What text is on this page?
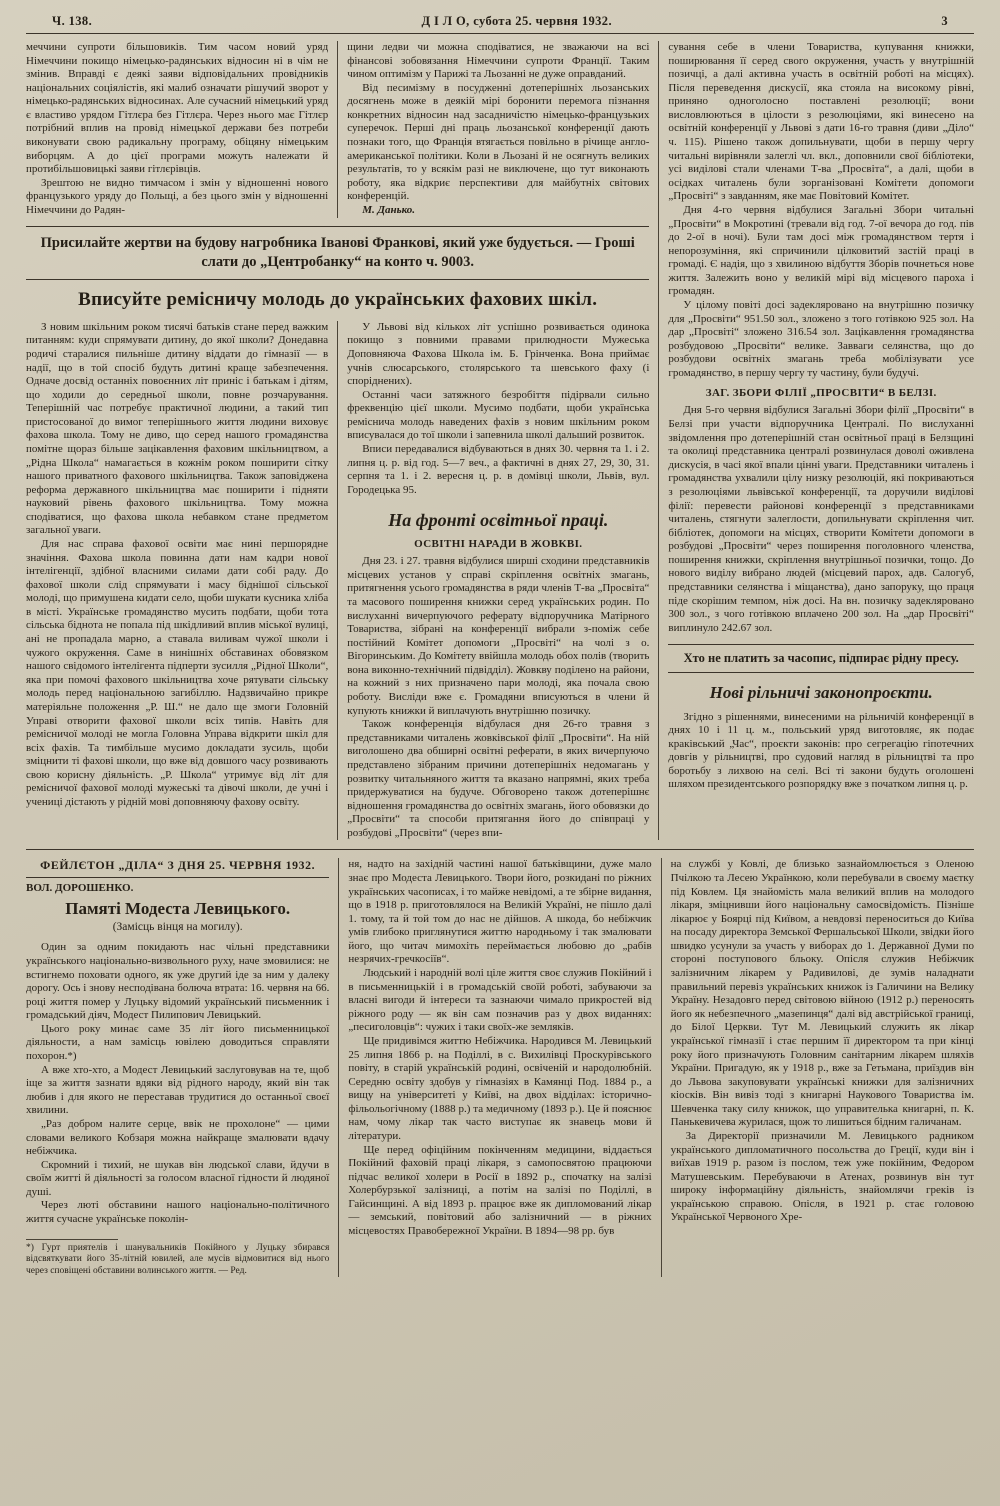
Ч. 138.	Д І Л О, субота 25. червня 1932.	3

меччини супроти більшовиків. Тим часом новий уряд Німеччини покищо німецько-радянських відносин ні в чім не змінив. Вправді є деякі заяви відповідальних провідників національних соціялістів, які малиб означати рішучий зворот у німецько-радянських відносинах. Але сучасний німецький уряд є властиво урядом Гітлєра без Гітлєра. Через нього має Гітлєр потрібний вплив на провід німецької держави без потреби виконувати свою радикальну програму, обіцяну німецьким виборцям. А до цієї програми можуть належати й протибільшовицькі заяви гітлєрівців.

Зрештою не видно тимчасом і змін у відношенні нового французького уряду до Польщі, а без цього змін у відношенні Німеччини до Радян-

щини ледви чи можна сподіватися, не зважаючи на всі фінансові зобовязання Німеччини супроти Франції. Таким чином оптимізм у Парижі та Льозанні не дуже оправданий.

Від песимізму в посудженні дотеперішніх льозанських досягнень може в деякій мірі боронити перемога пізнання конкретних відносин над засадничістю німецько-французьких суперечок. Перші дні праць льозанської конференції дають познаки того, що Франція втягається повільно в річище англо-американської політики. Коли в Льозані й не осягнуть великих результатів, то у всякім разі не виключене, що тут виконають роботу, яка відкриє перспективи для майбутніх світових конференцій.

М. Данько.

Присилайте жертви на будову нагробника Іванові Франкові, який уже будується. — Гроші слати до „Центробанку“ на конто ч. 9003.
Вписуйте ремісничу молодь до українських фахових шкіл.

З новим шкільним роком тисячі батьків стане перед важким питанням: куди спрямувати дитину, до якої школи? Донедавна родичі старалися пильніше дитину віддати до гімназії — в надії, що в той спосіб будуть дитині краще забезпечення. Одначе досвід останніх повоєнних літ приніс і батькам і дітям, що ходили до середньої школи, повне розчарування. Теперішній час потребує практичної людини, а такий тип пристосованої до вимог теперішнього життя людини виховує фахова школа. Тому не диво, що серед нашого громадянства помітне щораз більше зацікавлення фаховим шкільництвом, а „Рідна Школа“ намагається в кожнім роком поширити сітку нашого приватного фахового шкільництва. Також заповіджена реформа державного шкільництва має поширити і підняти науковий рівень фахового шкільництва. Тому можна сподіватися, що фахова школа небавком стане предметом загальної уваги.

Для нас справа фахової освіти має нині першорядне значіння. Фахова школа повинна дати нам кадри нової інтелігенції, здібної власними силами дати собі раду. До фахової школи слід спрямувати і масу біднішої сільської молоді, що примушена кидати село, щоби шукати кусника хліба в місті. Українське громадянство мусить подбати, щоби тота сільська біднота не попала під шкідливий вплив міської вулиці, ані не пропадала марно, а ставала виливам чужої школи і чужого окруження. Саме в нинішніх обставинах обовязком нашого свідомого інтелігента підперти зусилля „Рідної Школи“, яка при помочі фахового шкільництва хоче рятувати сільську молодь перед національною загибіллю. Надзвичайно прикре матеріяльне положення „Р. Ш.“ не дало ще змоги Головній Управі отворити фахової школи всіх типів. Навіть для ремісничої молоді не могла Головна Управа відкрити шкіл для всіх фахів. Та тимбільше мусимо докладати зусиль, щоби зміцнити ті фахові школи, що вже від довшого часу розвивають свою корисну діяльність. „Р. Школа“ утримує від літ для ремісничої фахової молоді мужеські та дівочі школи, де учні і учениці дістають у рідній мові доповняючу фахову освіту.

У Львові від кількох літ успішно розвивається одинока покищо з повними правами прилюдности Мужеська Доповняюча Фахова Школа ім. Б. Грінченка. Вона приймає учнів слюсарського, столярського та шевського фаху (і споріднених).

Останні часи затяжного безробіття підірвали сильно фреквенцію цієї школи. Мусимо подбати, щоби українська реміснича молодь наведених фахів з новим шкільним роком вписувалася до тої школи і запевнила школі дальший розвиток.

Вписи передавалися відбуваються в днях 30. червня та 1. і 2. липня ц. р. від год. 5—7 веч., а фактичні в днях 27, 29, 30, 31. серпня та 1. і 2. вересня ц. р. в домівці школи, Львів, вул. Городецька 95.

На фронті освітньої праці.
ОСВІТНІ НАРАДИ В ЖОВКВІ.

Дня 23. і 27. травня відбулися ширші сходини представників місцевих установ у справі скріплення освітніх змагань, притягнення усього громадянства в ряди членів Т-ва „Просвіта“ та масового поширення книжки серед українських родин. По вислуханні вичерпуючого реферату відпоручника Матірного Товариства, зібрані на конференції вибрали з-поміж себе постійний Комітет допомоги „Просвіті“ на чолі з о. Вігоринським. До Комітету ввійшла молодь обох полів (творить вона виконно-технічний підвідділ). Жовкву поділено на райони, на кожний з них призначено пари молоді, яка почала свою роботу. Висліди вже є. Громадяни вписуються в члени й купують книжки й виплачують внутрішню позичку.

Також конференція відбулася дня 26-го травня з представниками читалень жовківської філії „Просвіти“. На ній виголошено два обширні освітні реферати, в яких вичерпуючо представлено зібраним причини дотеперішніх недомагань у розвитку читальняного життя та вказано напрямні, яких треба придержуватися на будуче. Обговорено також дотеперішнє відношення громадянства до освітніх змагань, його обовязки до „Просвіти“ та способи притягання його до співпраці у розбудові „Просвіти“ (через впи-

сування себе в члени Товариства, купування книжки, поширювання її серед свого окруження, участь у внутрішній позичці, а далі активна участь в освітній роботі на місцях). Після переведення дискусії, яка стояла на високому рівні, приняно одноголосно поставлені резолюції; вони висловлюються в цілости з резолюціями, які винесено на освітній конференції у Львові з дати 16-го травня (диви „Діло“ ч. 115). Рішено також допильнувати, щоби в першу чергу читальні вирівняли залеглі чл. вкл., доповнили свої бібліотеки, усі виділові стали членами Т-ва „Просвіта“, а далі, щоби в осідках читалень були зорганізовані Комітети допомоги „Просвіті“ з завданням, яке має Повітовий Комітет.

Дня 4-го червня відбулися Загальні Збори читальні „Просвіти“ в Мокротині (тревали від год. 7-ої вечора до год. пів до 2-ої в ночі). Були там досі між громадянством тертя і непорозуміння, які спричинили цілковитий застій праці в громаді. Є надія, що з хвилиною відбуття Зборів почнеться нове життя. Залежить воно у великій мірі від місцевого пароха і громадян.

У цілому повіті досі задекляровано на внутрішню позичку для „Просвіти“ 951.50 зол., зложено з того готівкою 925 зол. На дар „Просвіті“ зложено 316.54 зол. Зацікавлення громадянства розбудовою „Просвіти“ велике. Завваги селянства, що до розбудови освітніх змагань треба мобілізувати усе громадянство, в першу чергу ту частину, були будучі.

ЗАГ. ЗБОРИ ФІЛІЇ „ПРОСВІТИ“ В БЕЛЗІ.

Дня 5-го червня відбулися Загальні Збори філії „Просвіти“ в Белзі при участи відпоручника Централі. По вислуханні звідомлення про дотеперішній стан освітньої праці в Белзщині та околиці представника централі розвинулася доволі оживлена дискусія, в часі якої впали цінні уваги. Представники читалень і громадянства ухвалили цілу низку резолюцій, які покриваються з резолюціями львівської конференції, та доручили виділові філії: перевести районові конференції з представниками читалень, стягнути залеглости, допильнувати скріплення чит. бібліотек, допомоги на місцях, створити Комітети допомоги в розбудові „Просвіти“ через поширення поголовного членства, поширення книжки, скріплення внутрішньої позички, тощо. До нового виділу вибрано людей (місцевий парох, адв. Салогуб, представники селянства і міщанства), дано запоруку, що праця піде скорішим темпом, ніж досі. На вн. позичку задекляровано 300 зол., з чого готівкою вплачено 200 зол. На „дар Просвіті“ виплинуло 242.67 зол.

Хто не платить за часопис, підпирає рідну пресу.
Нові рільничі законопроєкти.

Згідно з рішеннями, винесеними на рільничій конференції в днях 10 і 11 ц. м., польський уряд виготовляє, як подає краківський „Час“, проєкти законів: про сегрегацію гіпотечних довгів у рільництві, про судовий нагляд в рільництві та про боротьбу з лихвою на селі. Всі ті закони будуть оголошені шляхом президентського розпорядку вже з початком липня ц. р.

ФЕЙЛЄТОН „ДІЛА“ З ДНЯ 25. ЧЕРВНЯ 1932.
ВОЛ. ДОРОШЕНКО.
Памяті Модеста Левицького.
(Замісць вінця на могилу).

Один за одним покидають нас чільні представники українського національно-визвольного руху, наче змовилися: не встигнемо поховати одного, як уже другий іде за ним у далеку дорогу. Ось і знову несподівана болюча втрата: 16. червня на 66. році життя помер у Луцьку відомий український письменник і громадський діяч, Модест Пилипович Левицький.

Цього року минає саме 35 літ його письменницької діяльности, а нам замісць ювілею доводиться справляти похорон.*)

А вже хто-хто, а Модест Левицький заслуговував на те, щоб іще за життя зазнати вдяки від рідного народу, який він так любив і для якого не переставав трудитися до останньої своєї хвилини.

„Раз добром налите серце, ввік не прохолоне“ — цими словами великого Кобзаря можна найкраще змалювати вдачу небіжчика.

Скромний і тихий, не шукав він людської слави, йдучи в своїм житті й діяльності за голосом власної гідности й людяної душі.

Через люті обставини нашого національно-політичного життя сучасне українське поколін-

*) Гурт приятелів і шанувальників Покійного у Луцьку збирався відсвяткувати його 35-літній ювилей, але мусів відмовитися від нього через сповіщені обставини волинського життя. — Ред.

ня, надто на західній частині нашої батьківщини, дуже мало знає про Модеста Левицького. Твори його, розкидані по ріжних українських часописах, і то майже невідомі, а те збірне видання, що в 1918 р. приготовлялося на Великій Україні, не пішло далі 1. тому, та й той том до нас не дійшов. А шкода, бо небіжчик умів глибоко приглянутися життю народньому і так змалювати його, що читач мимохіть переймається любовю до „рабів незрячих-гречкосіїв“.

Людський і народній волі ціле життя своє служив Покійний і в письменницькій і в громадській своїй роботі, забуваючи за власні вигоди й інтереси та зазнаючи чимало прикростей від ріжного роду — як він сам позначив раз у двох виданнях: „песиголовців“: чужих і таки своїх-же земляків.

Ще придивімся життю Небіжчика. Народився М. Левицький 25 липня 1866 р. на Поділлі, в с. Вихилівці Проскурівського повіту, в старій українській родині, освіченій и народолюбній. Середню освіту здобув у гімназіях в Камянці Под. 1884 р., а вищу на університеті у Київі, на двох відділах: історично-фільольогічному (1888 р.) та медичному (1893 р.). Це й пояснює нам, чому лікар так часто виступає як знавець мови й літератури.

Ще перед офіційним покінченням медицини, віддається Покійний фаховій праці лікаря, з самопосвятою працюючи підчас великої холери в Росії в 1892 р., спочатку на залізі Холербурзької залізниці, а потім на залізі по Поділлі, в Гайсинщині. А від 1893 р. працює вже як дипломований лікар — земський, повітовий або залізничний — в ріжних місцевостях Правобережної України. В 1894—98 рр. був

на службі у Ковлі, де близько зазнайомлюється з Оленою Пчілкою та Лесею Українкою, коли перебували в своєму маєтку під Ковлем. Ця знайомість мала великий вплив на молодого лікаря, зміцнивши його національну самосвідомість. Пізніше лікарює у Боярці під Київом, а невдовзі переноситься до Київа на посаду директора Земської Фершальської Школи, звідки його швидко усунули за участь у виборах до 1. Державної Думи по стороні поступового бльоку. Опісля служив Небіжчик залізничним лікарем у Радивилові, де зумів наладнати правильний перевіз українських книжок із Галичини на Велику Україну. Незадовго перед світовою війною (1912 р.) переносять його як небезпечного „мазепинця“ далі від австрійської границі, до Білої Церкви. Тут М. Левицький служить як лікар української гімназії і стає першим її директором та при кінці року його призначують Головним санітарним лікарем шляхів України. Пригадую, як у 1918 р., вже за Гетьмана, приїздив він до Львова закуповувати українські книжки для залізничних кіосків. Він вивіз тоді з книгарні Наукового Товариства ім. Шевченка таку силу книжок, що управителька книгарні, п. К. Панькевичева журилася, щож то лишиться бідним галичанам.

За Директорії призначили М. Левицького радником українського дипломатичного посольства до Греції, куди він і виїхав 1919 р. разом із послом, теж уже покійним, Федором Матушевським. Перебуваючи в Атенах, розвинув він тут широку інформаційну діяльність, знайомлячи греків із українською справою. Опісля, в 1921 р. стає головою Української Червоного Хре-
